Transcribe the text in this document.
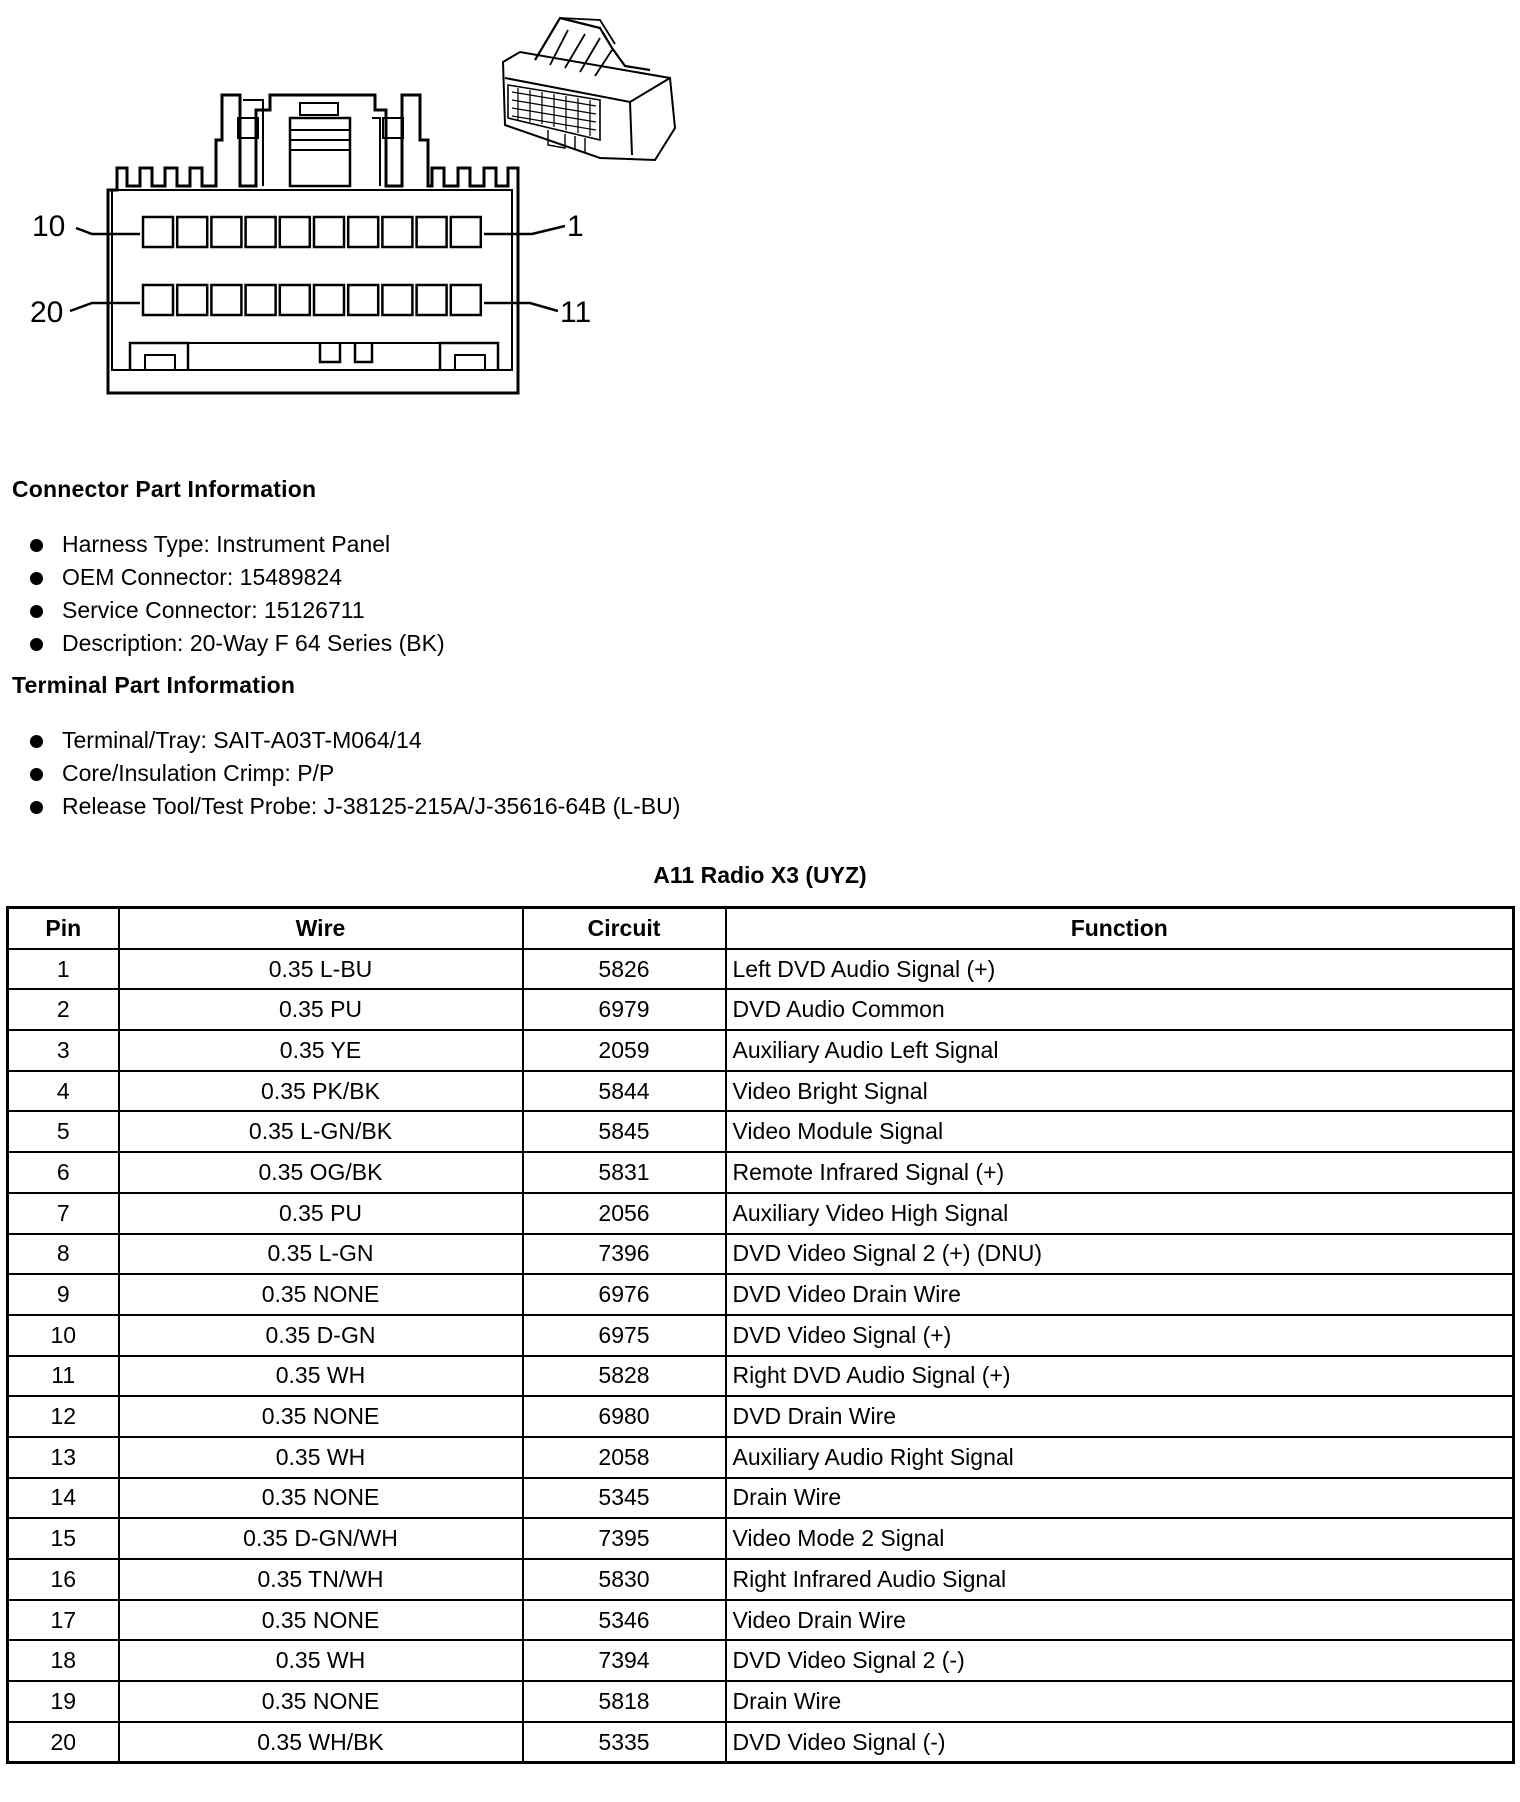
10	1
20	11
Connector Part Information
Harness Type: Instrument Panel
OEM Connector: 15489824
Service Connector: 15126711
Description: 20-Way F 64 Series (BK)
Terminal Part Information
Terminal/Tray: SAIT-A03T-M064/14
Core/Insulation Crimp: P/P
Release Tool/Test Probe: J-38125-215A/J-35616-64B (L-BU)
A11 Radio X3 (UYZ)
Pin	Wire	Circuit	Function
1	0.35 L-BU	5826	Left DVD Audio Signal (+)
2	0.35 PU	6979	DVD Audio Common
3	0.35 YE	2059	Auxiliary Audio Left Signal
4	0.35 PK/BK	5844	Video Bright Signal
5	0.35 L-GN/BK	5845	Video Module Signal
6	0.35 OG/BK	5831	Remote Infrared Signal (+)
7	0.35 PU	2056	Auxiliary Video High Signal
8	0.35 L-GN	7396	DVD Video Signal 2 (+) (DNU)
9	0.35 NONE	6976	DVD Video Drain Wire
10	0.35 D-GN	6975	DVD Video Signal (+)
11	0.35 WH	5828	Right DVD Audio Signal (+)
12	0.35 NONE	6980	DVD Drain Wire
13	0.35 WH	2058	Auxiliary Audio Right Signal
14	0.35 NONE	5345	Drain Wire
15	0.35 D-GN/WH	7395	Video Mode 2 Signal
16	0.35 TN/WH	5830	Right Infrared Audio Signal
17	0.35 NONE	5346	Video Drain Wire
18	0.35 WH	7394	DVD Video Signal 2 (-)
19	0.35 NONE	5818	Drain Wire
20	0.35 WH/BK	5335	DVD Video Signal (-)
